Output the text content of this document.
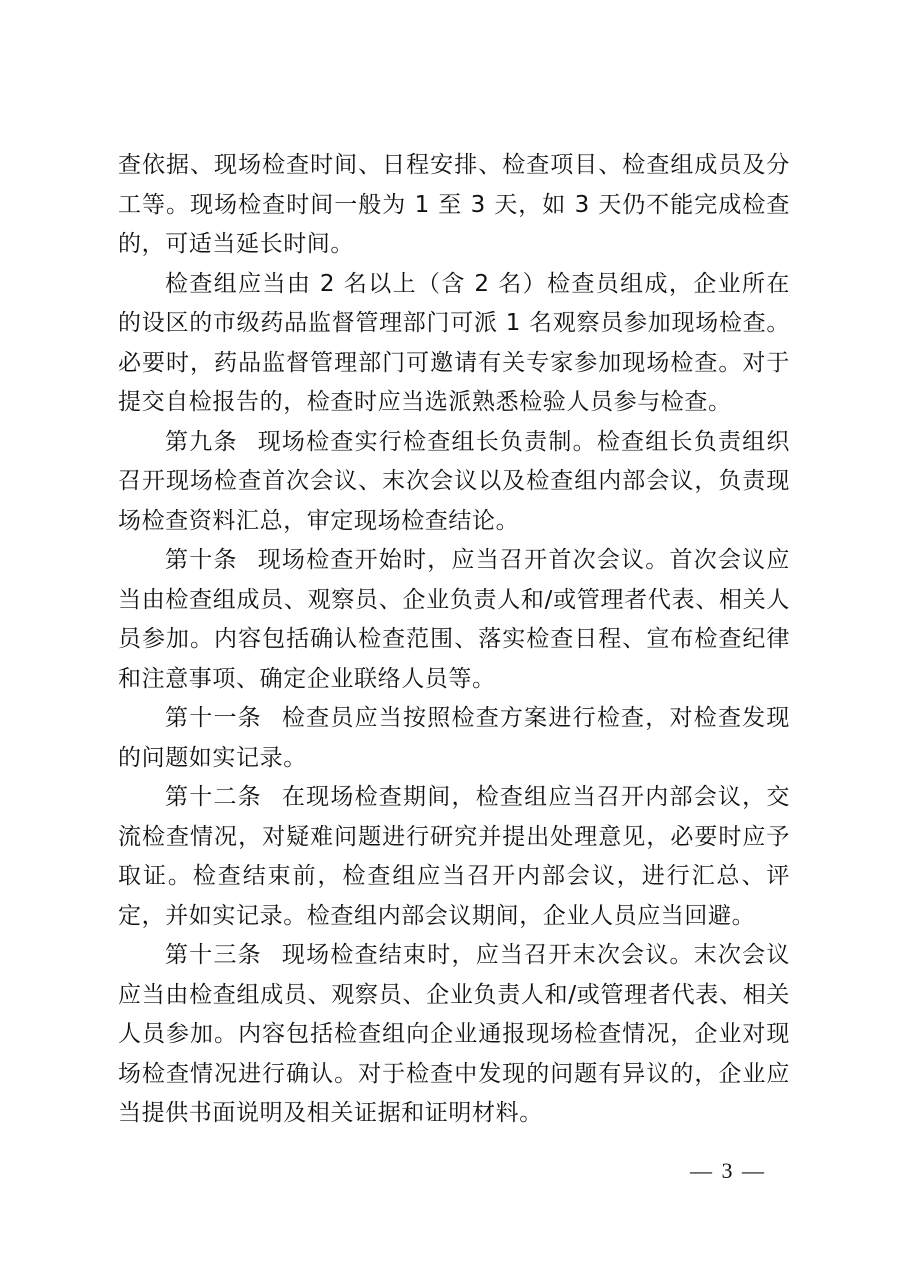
查依据、现场检查时间、日程安排、检查项目、检查组成员及分工等。现场检查时间一般为 1 至 3 天，如 3 天仍不能完成检查的，可适当延长时间。

检查组应当由 2 名以上（含 2 名）检查员组成，企业所在的设区的市级药品监督管理部门可派 1 名观察员参加现场检查。必要时，药品监督管理部门可邀请有关专家参加现场检查。对于提交自检报告的，检查时应当选派熟悉检验人员参与检查。

第九条 现场检查实行检查组长负责制。检查组长负责组织召开现场检查首次会议、末次会议以及检查组内部会议，负责现场检查资料汇总，审定现场检查结论。

第十条 现场检查开始时，应当召开首次会议。首次会议应当由检查组成员、观察员、企业负责人和/或管理者代表、相关人员参加。内容包括确认检查范围、落实检查日程、宣布检查纪律和注意事项、确定企业联络人员等。

第十一条 检查员应当按照检查方案进行检查，对检查发现的问题如实记录。

第十二条 在现场检查期间，检查组应当召开内部会议，交流检查情况，对疑难问题进行研究并提出处理意见，必要时应予取证。检查结束前，检查组应当召开内部会议，进行汇总、评定，并如实记录。检查组内部会议期间，企业人员应当回避。

第十三条 现场检查结束时，应当召开末次会议。末次会议应当由检查组成员、观察员、企业负责人和/或管理者代表、相关人员参加。内容包括检查组向企业通报现场检查情况，企业对现场检查情况进行确认。对于检查中发现的问题有异议的，企业应当提供书面说明及相关证据和证明材料。

— 3 —
